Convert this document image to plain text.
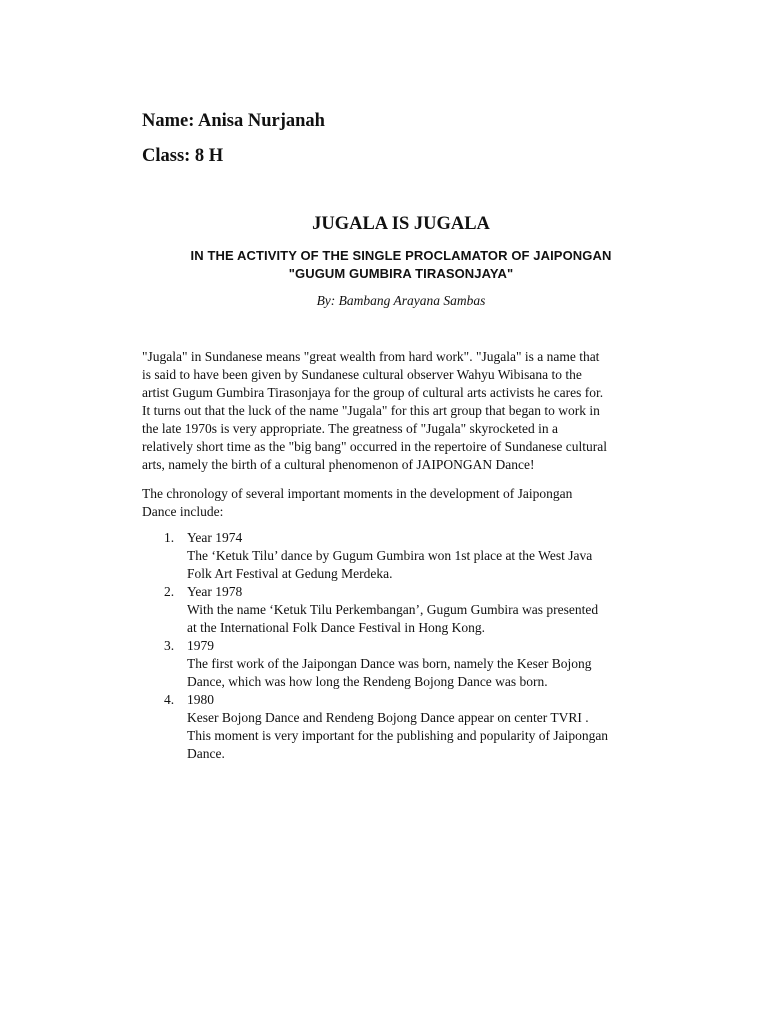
Name: Anisa Nurjanah
Class: 8 H
JUGALA IS JUGALA
IN THE ACTIVITY OF THE SINGLE PROCLAMATOR OF JAIPONGAN
"GUGUM GUMBIRA TIRASONJAYA"
By: Bambang Arayana Sambas
"Jugala" in Sundanese means "great wealth from hard work". "Jugala" is a name that
is said to have been given by Sundanese cultural observer Wahyu Wibisana to the
artist Gugum Gumbira Tirasonjaya for the group of cultural arts activists he cares for.
It turns out that the luck of the name "Jugala" for this art group that began to work in
the late 1970s is very appropriate. The greatness of "Jugala" skyrocketed in a
relatively short time as the "big bang" occurred in the repertoire of Sundanese cultural
arts, namely the birth of a cultural phenomenon of JAIPONGAN Dance!
The chronology of several important moments in the development of Jaipongan
Dance include:
1. Year 1974
The ‘Ketuk Tilu’ dance by Gugum Gumbira won 1st place at the West Java
Folk Art Festival at Gedung Merdeka.
2. Year 1978
With the name ‘Ketuk Tilu Perkembangan’, Gugum Gumbira was presented
at the International Folk Dance Festival in Hong Kong.
3. 1979
The first work of the Jaipongan Dance was born, namely the Keser Bojong
Dance, which was how long the Rendeng Bojong Dance was born.
4. 1980
Keser Bojong Dance and Rendeng Bojong Dance appear on center TVRI .
This moment is very important for the publishing and popularity of Jaipongan
Dance.
